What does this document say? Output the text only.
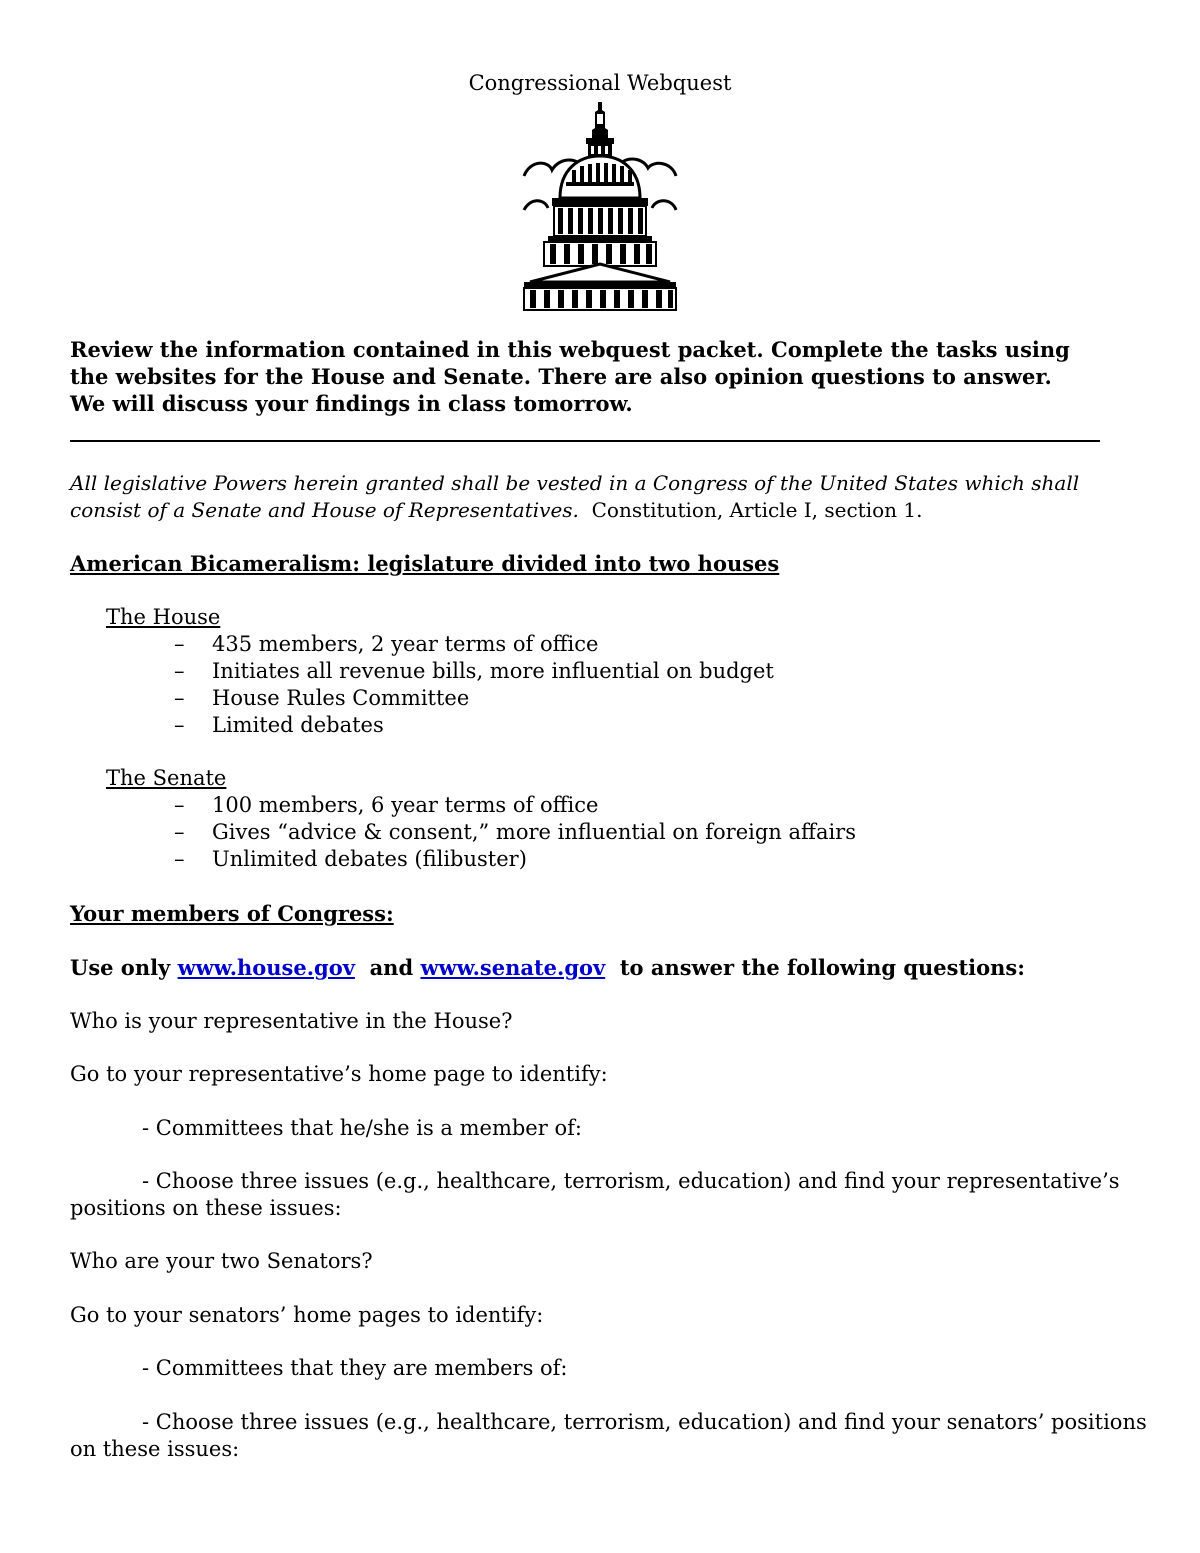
Congressional Webquest
Review the information contained in this webquest packet. Complete the tasks using
the websites for the House and Senate. There are also opinion questions to answer.
We will discuss your findings in class tomorrow.
All legislative Powers herein granted shall be vested in a Congress of the United States which shall
consist of a Senate and House of Representatives. Constitution, Article I, section 1.
American Bicameralism: legislature divided into two houses
The House
– 435 members, 2 year terms of office
– Initiates all revenue bills, more influential on budget
– House Rules Committee
– Limited debates
The Senate
– 100 members, 6 year terms of office
– Gives “advice & consent,” more influential on foreign affairs
– Unlimited debates (filibuster)
Your members of Congress:
Use only www.house.gov and www.senate.gov to answer the following questions:
Who is your representative in the House?
Go to your representative’s home page to identify:
- Committees that he/she is a member of:
- Choose three issues (e.g., healthcare, terrorism, education) and find your representative’s
positions on these issues:
Who are your two Senators?
Go to your senators’ home pages to identify:
- Committees that they are members of:
- Choose three issues (e.g., healthcare, terrorism, education) and find your senators’ positions
on these issues:
